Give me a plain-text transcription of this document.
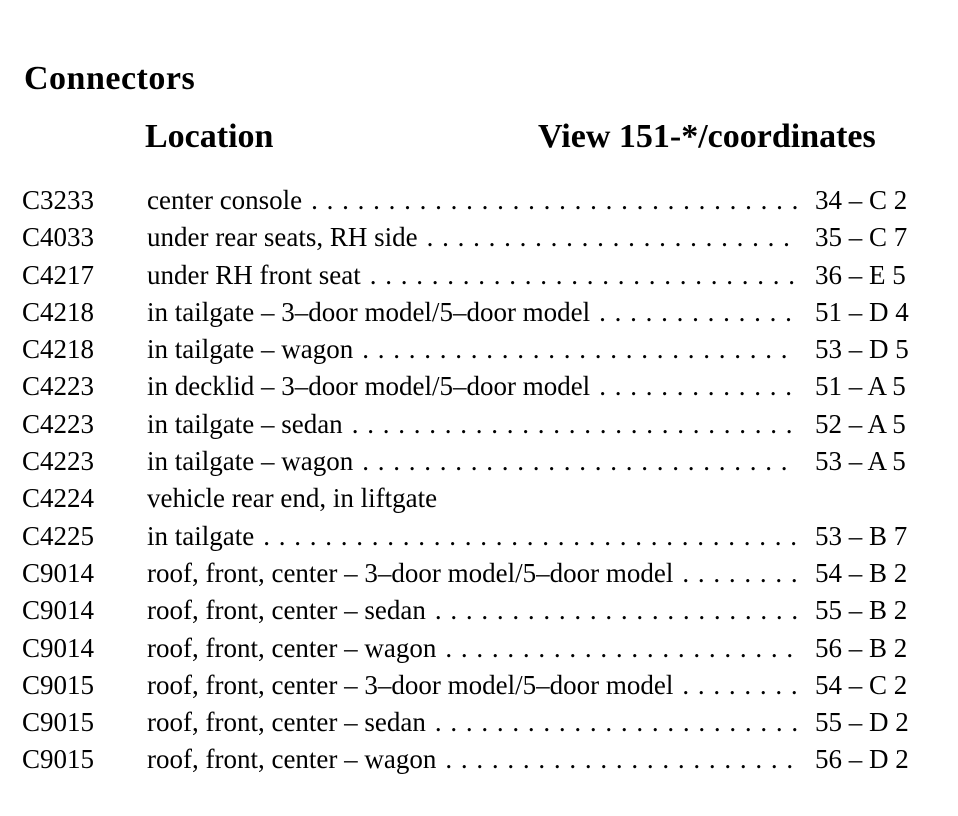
Connectors
Location	View 151-*/coordinates
C3233	center console . . .	34 – C 2
C4033	under rear seats, RH side . . .	35 – C 7
C4217	under RH front seat . . .	36 – E 5
C4218	in tailgate – 3–door model/5–door model . . .	51 – D 4
C4218	in tailgate – wagon . . .	53 – D 5
C4223	in decklid – 3–door model/5–door model . . .	51 – A 5
C4223	in tailgate – sedan . . .	52 – A 5
C4223	in tailgate – wagon . . .	53 – A 5
C4224	vehicle rear end, in liftgate
C4225	in tailgate . . .	53 – B 7
C9014	roof, front, center – 3–door model/5–door model . . .	54 – B 2
C9014	roof, front, center – sedan . . .	55 – B 2
C9014	roof, front, center – wagon . . .	56 – B 2
C9015	roof, front, center – 3–door model/5–door model . . .	54 – C 2
C9015	roof, front, center – sedan . . .	55 – D 2
C9015	roof, front, center – wagon . . .	56 – D 2
